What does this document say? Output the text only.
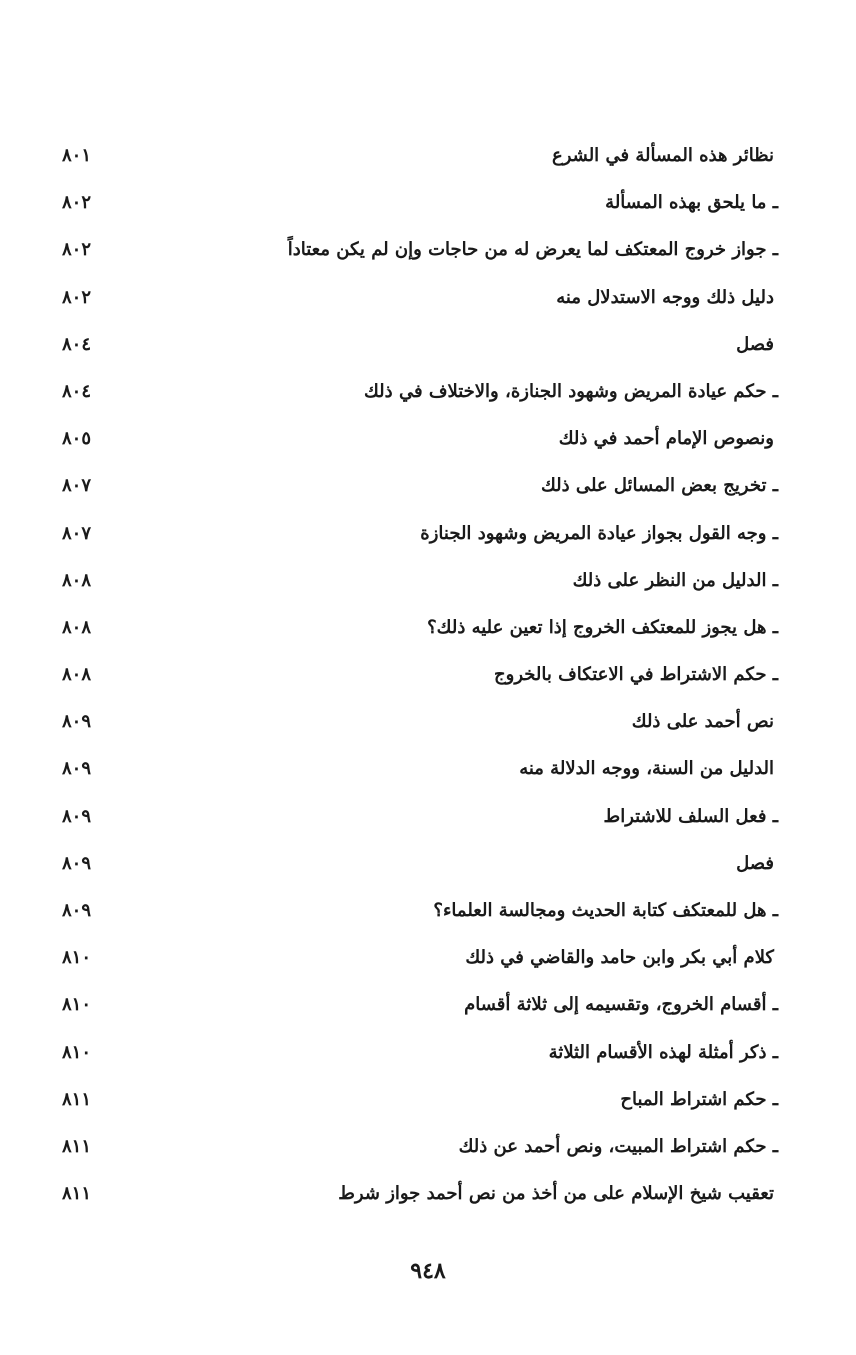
نظائر هذه المسألة في الشرع
٨٠١
ـ ما يلحق بهذه المسألة
٨٠٢
ـ جواز خروج المعتكف لما يعرض له من حاجات وإن لم يكن معتاداً
٨٠٢
دليل ذلك ووجه الاستدلال منه
٨٠٢
فصل
٨٠٤
ـ حكم عيادة المريض وشهود الجنازة، والاختلاف في ذلك
٨٠٤
ونصوص الإمام أحمد في ذلك
٨٠٥
ـ تخريج بعض المسائل على ذلك
٨٠٧
ـ وجه القول بجواز عيادة المريض وشهود الجنازة
٨٠٧
ـ الدليل من النظر على ذلك
٨٠٨
ـ هل يجوز للمعتكف الخروج إذا تعين عليه ذلك؟
٨٠٨
ـ حكم الاشتراط في الاعتكاف بالخروج
٨٠٨
نص أحمد على ذلك
٨٠٩
الدليل من السنة، ووجه الدلالة منه
٨٠٩
ـ فعل السلف للاشتراط
٨٠٩
فصل
٨٠٩
ـ هل للمعتكف كتابة الحديث ومجالسة العلماء؟
٨٠٩
كلام أبي بكر وابن حامد والقاضي في ذلك
٨١٠
ـ أقسام الخروج، وتقسيمه إلى ثلاثة أقسام
٨١٠
ـ ذكر أمثلة لهذه الأقسام الثلاثة
٨١٠
ـ حكم اشتراط المباح
٨١١
ـ حكم اشتراط المبيت، ونص أحمد عن ذلك
٨١١
تعقيب شيخ الإسلام على من أخذ من نص أحمد جواز شرط
٨١١
٩٤٨
